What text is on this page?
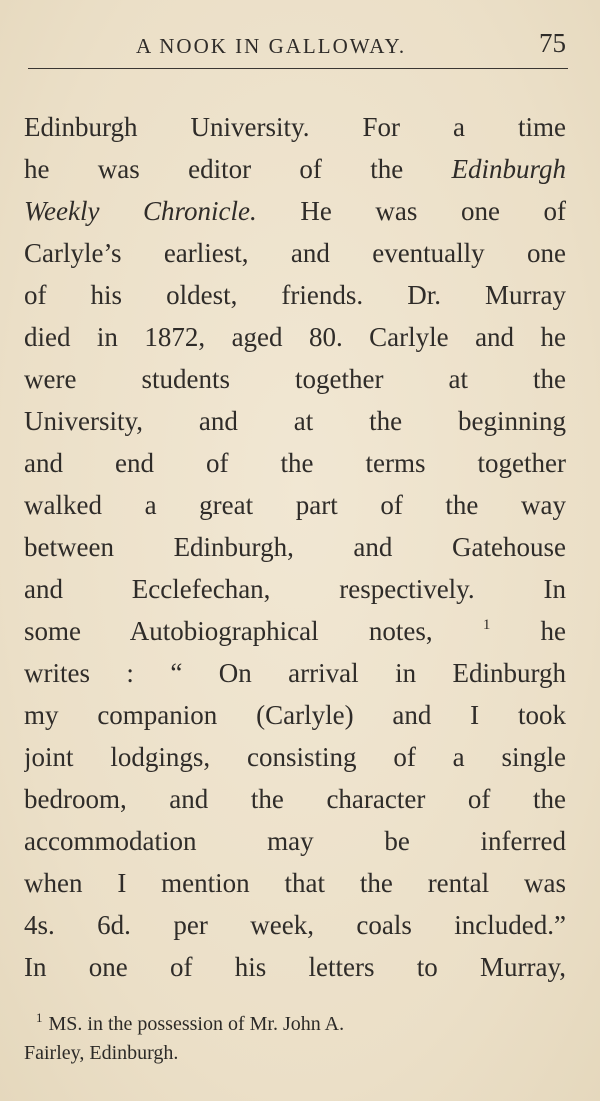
A NOOK IN GALLOWAY.	75
Edinburgh University. For a time
he was editor of the Edinburgh
Weekly Chronicle. He was one of
Carlyle’s earliest, and eventually one
of his oldest, friends. Dr. Murray
died in 1872, aged 80. Carlyle and he
were students together at the
University, and at the beginning
and end of the terms together
walked a great part of the way
between Edinburgh, and Gatehouse
and Ecclefechan, respectively. In
some Autobiographical notes, $^1$ he
writes : “ On arrival in Edinburgh
my companion (Carlyle) and I took
joint lodgings, consisting of a single
bedroom, and the character of the
accommodation may be inferred
when I mention that the rental was
4s. 6d. per week, coals included.”
In one of his letters to Murray,
$^1$ MS. in the possession of Mr. John A.
Fairley, Edinburgh.
